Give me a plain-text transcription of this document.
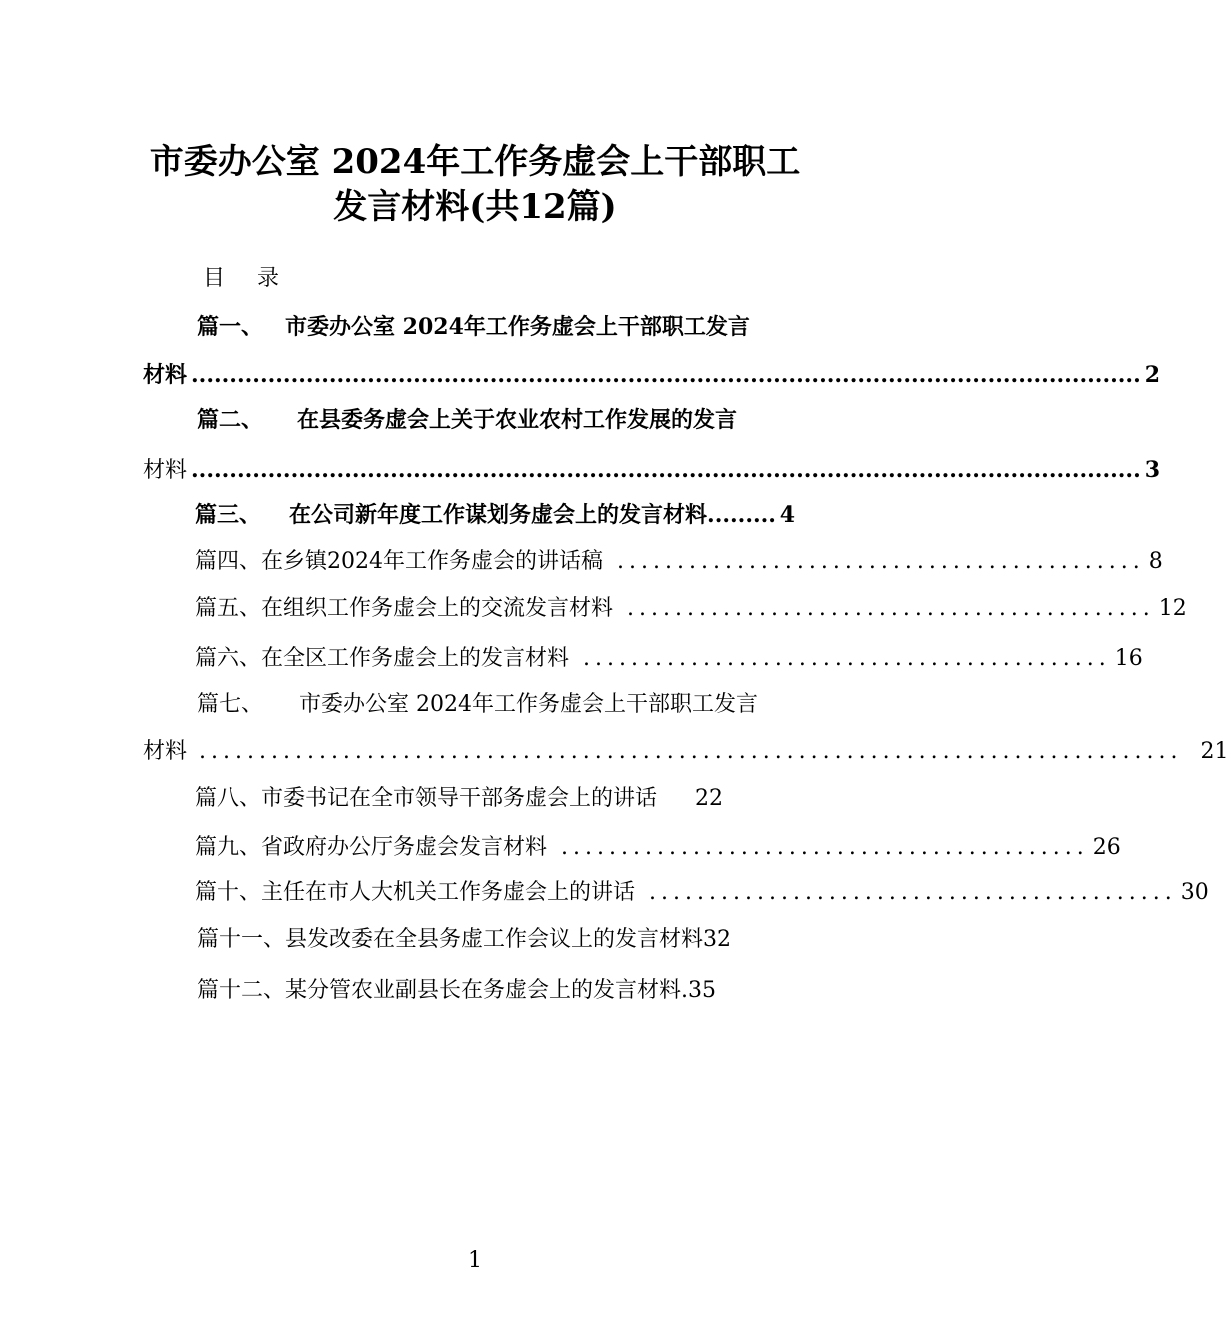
市委办公室 2024年工作务虚会上干部职工
发言材料(共12篇)
目 录
篇一、 市委办公室 2024年工作务虚会上干部职工发言
材料 ............................................................................................................................ 2
篇二、 在县委务虚会上关于农业农村工作发展的发言
材料 ............................................................................................................................ 3
篇三、 在公司新年度工作谋划务虚会上的发言材料 ......... 4
篇四、 在乡镇2024年工作务虚会的讲话稿 ............................................ 8
篇五、 在组织工作务虚会上的交流发言材料 ............................................ 12
篇六、 在全区工作务虚会上的发言材料 ............................................ 16
篇七、 市委办公室 2024年工作务虚会上干部职工发言
材料 .................................................................................. 21
篇八、市委书记在全市领导干部务虚会上的讲话 22
篇九、 省政府办公厅务虚会发言材料 ............................................ 26
篇十、 主任在市人大机关工作务虚会上的讲话 ............................................ 30
篇十一、县发改委在全县务虚工作会议上的发言材料32
篇十二、某分管农业副县长在务虚会上的发言材料.35
1
